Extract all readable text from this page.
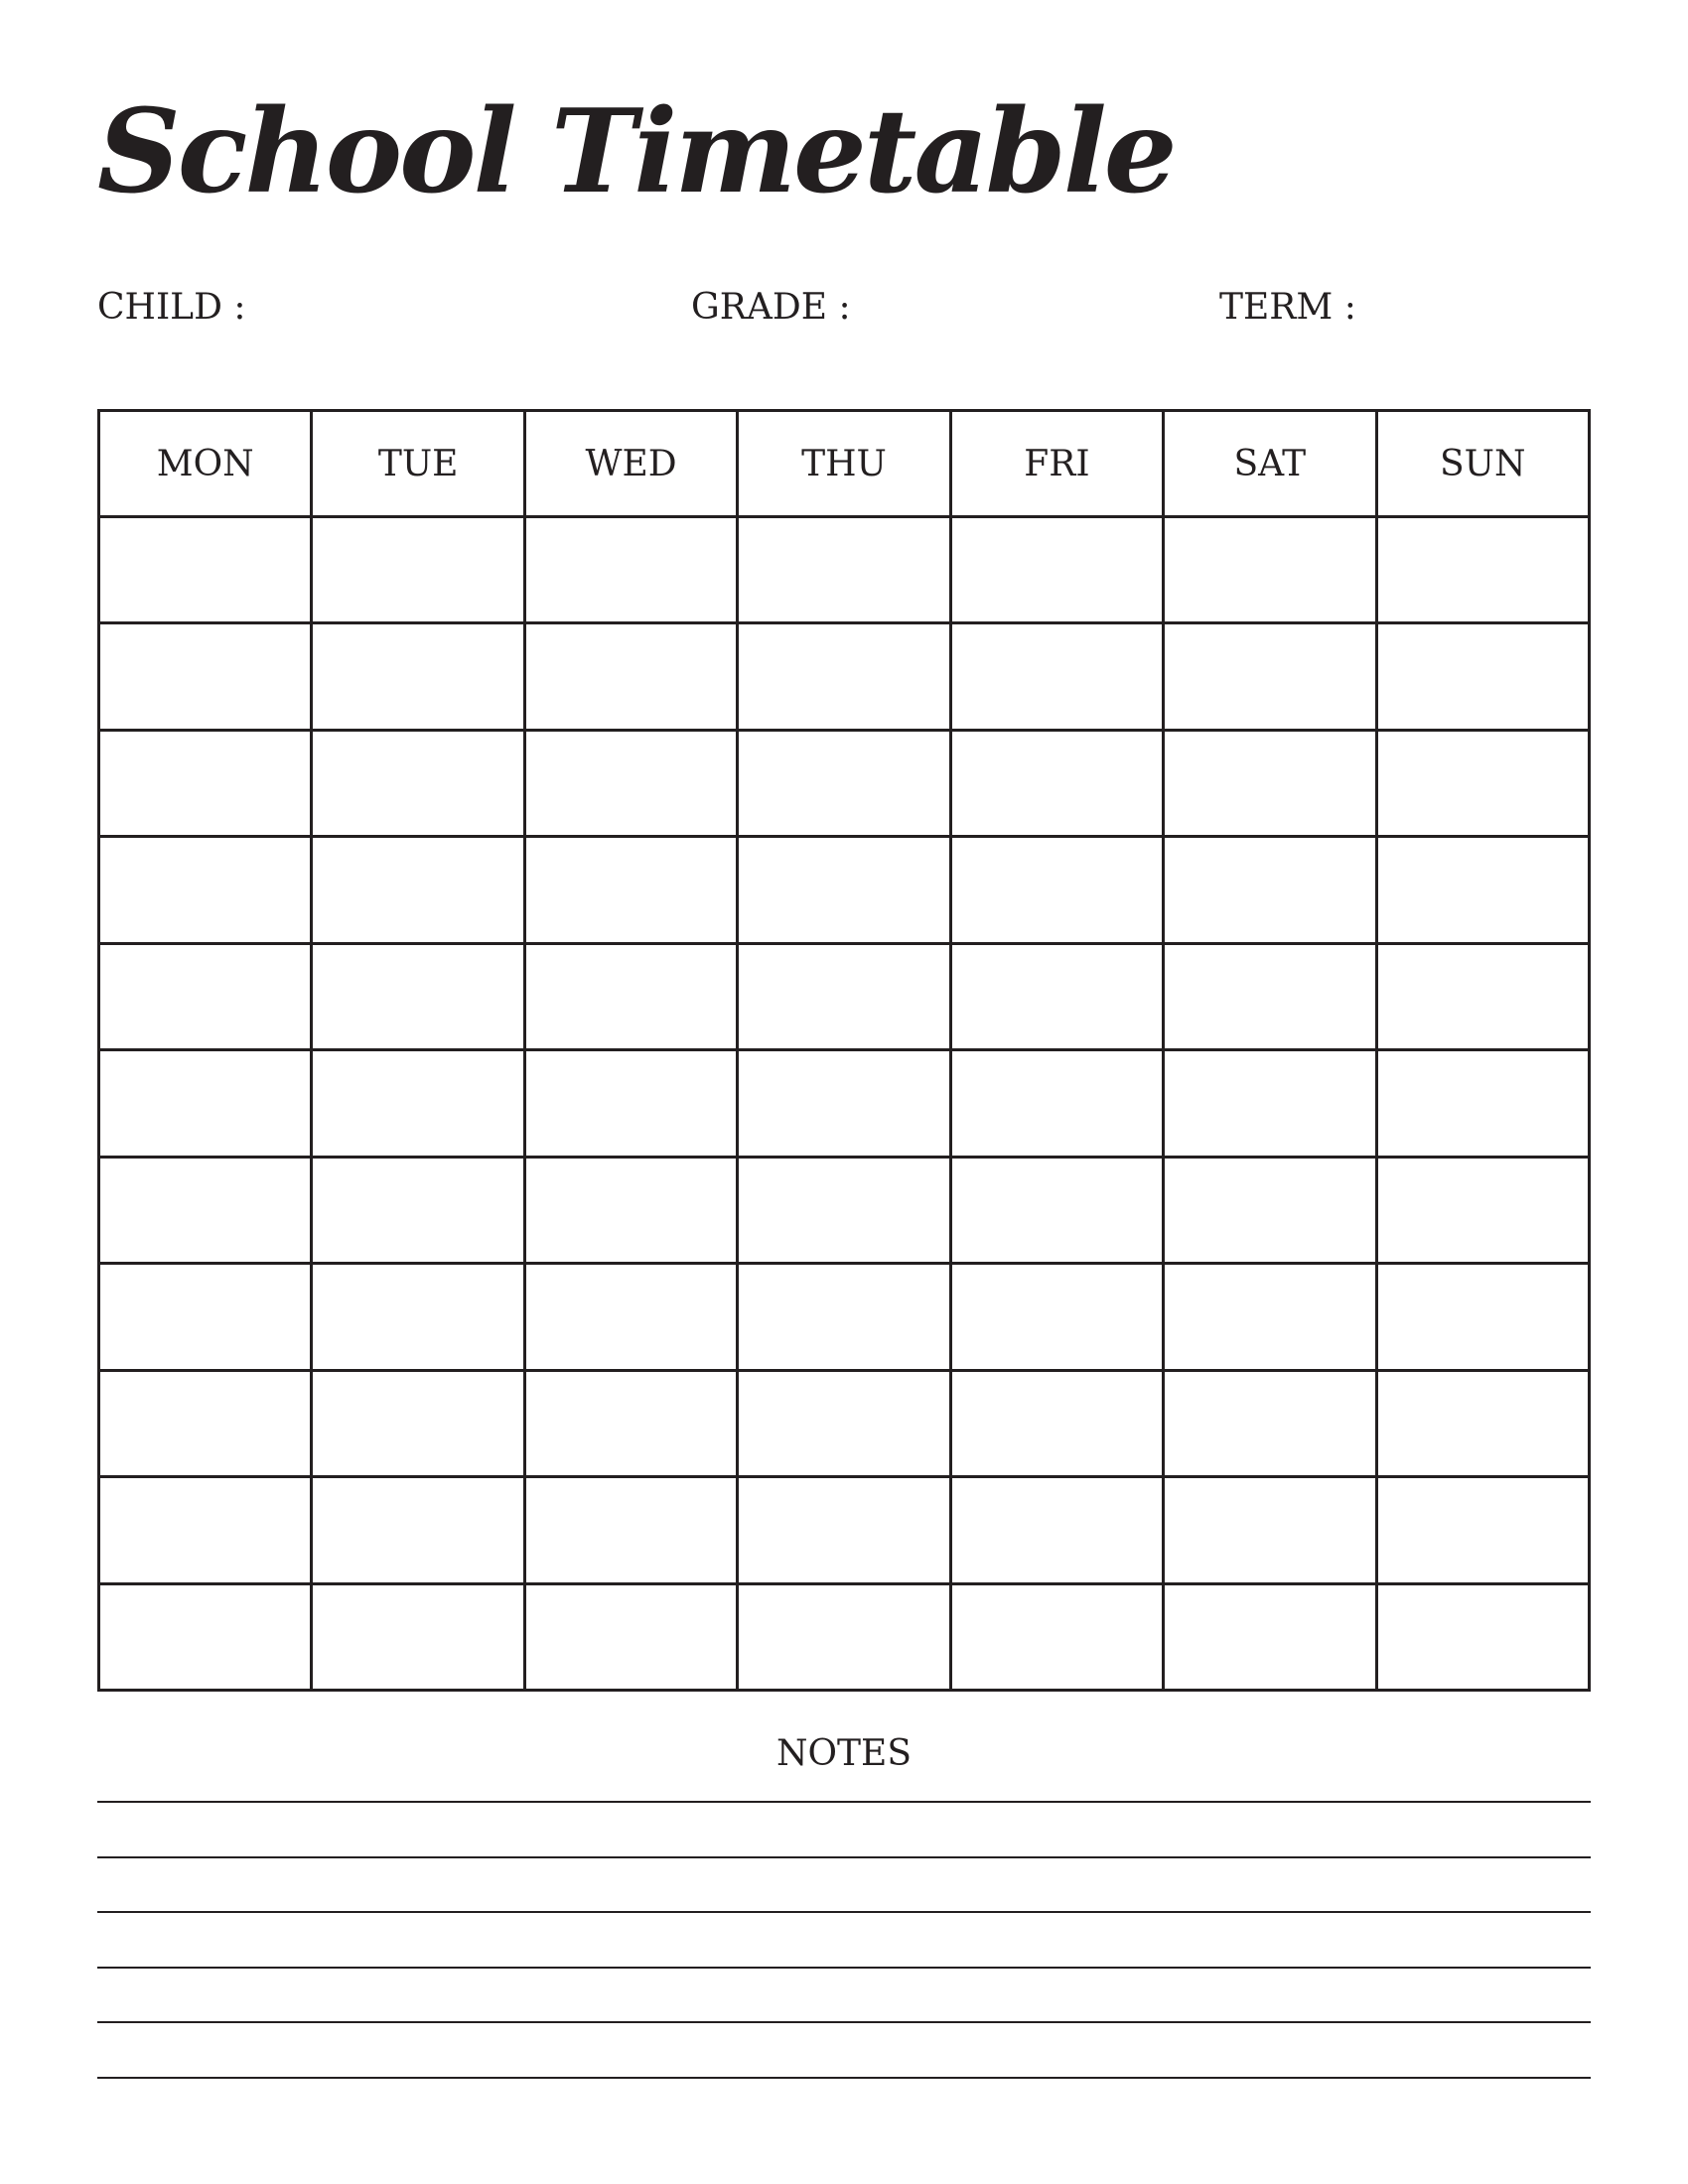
School Timetable
CHILD :	GRADE :	TERM :
MON	TUE	WED	THU	FRI	SAT	SUN

NOTES
